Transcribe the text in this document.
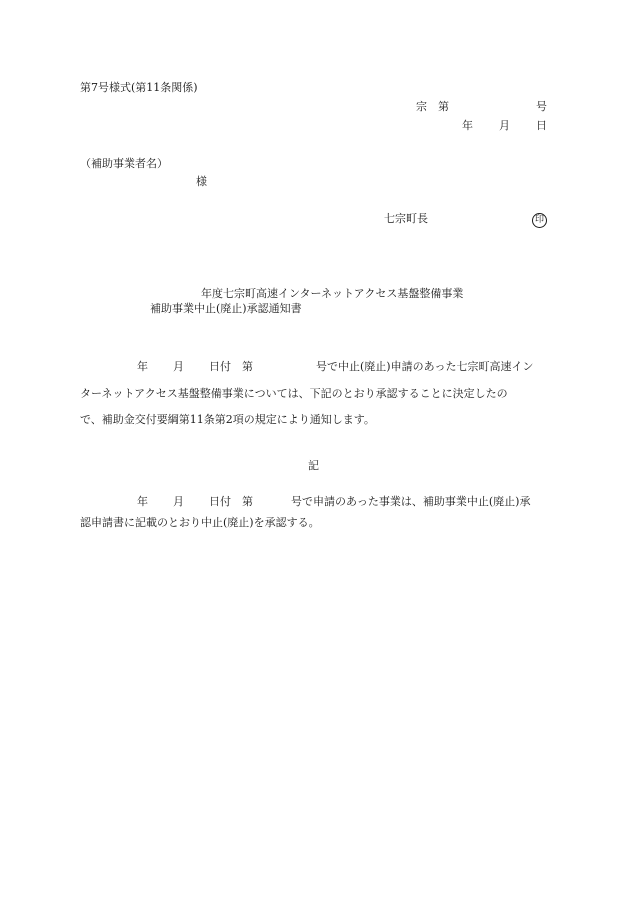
第7号様式(第11条関係)
宗　第	号
年 月 日
（補助事業者名）
様
七宗町長	印
年度七宗町高速インターネットアクセス基盤整備事業
補助事業中止(廃止)承認通知書
年 月 日付　第	号で中止(廃止)申請のあった七宗町高速イン
ターネットアクセス基盤整備事業については、下記のとおり承認することに決定したの
で、補助金交付要綱第11条第2項の規定により通知します。
記
年 月 日付　第	号で申請のあった事業は、補助事業中止(廃止)承
認申請書に記載のとおり中止(廃止)を承認する。
